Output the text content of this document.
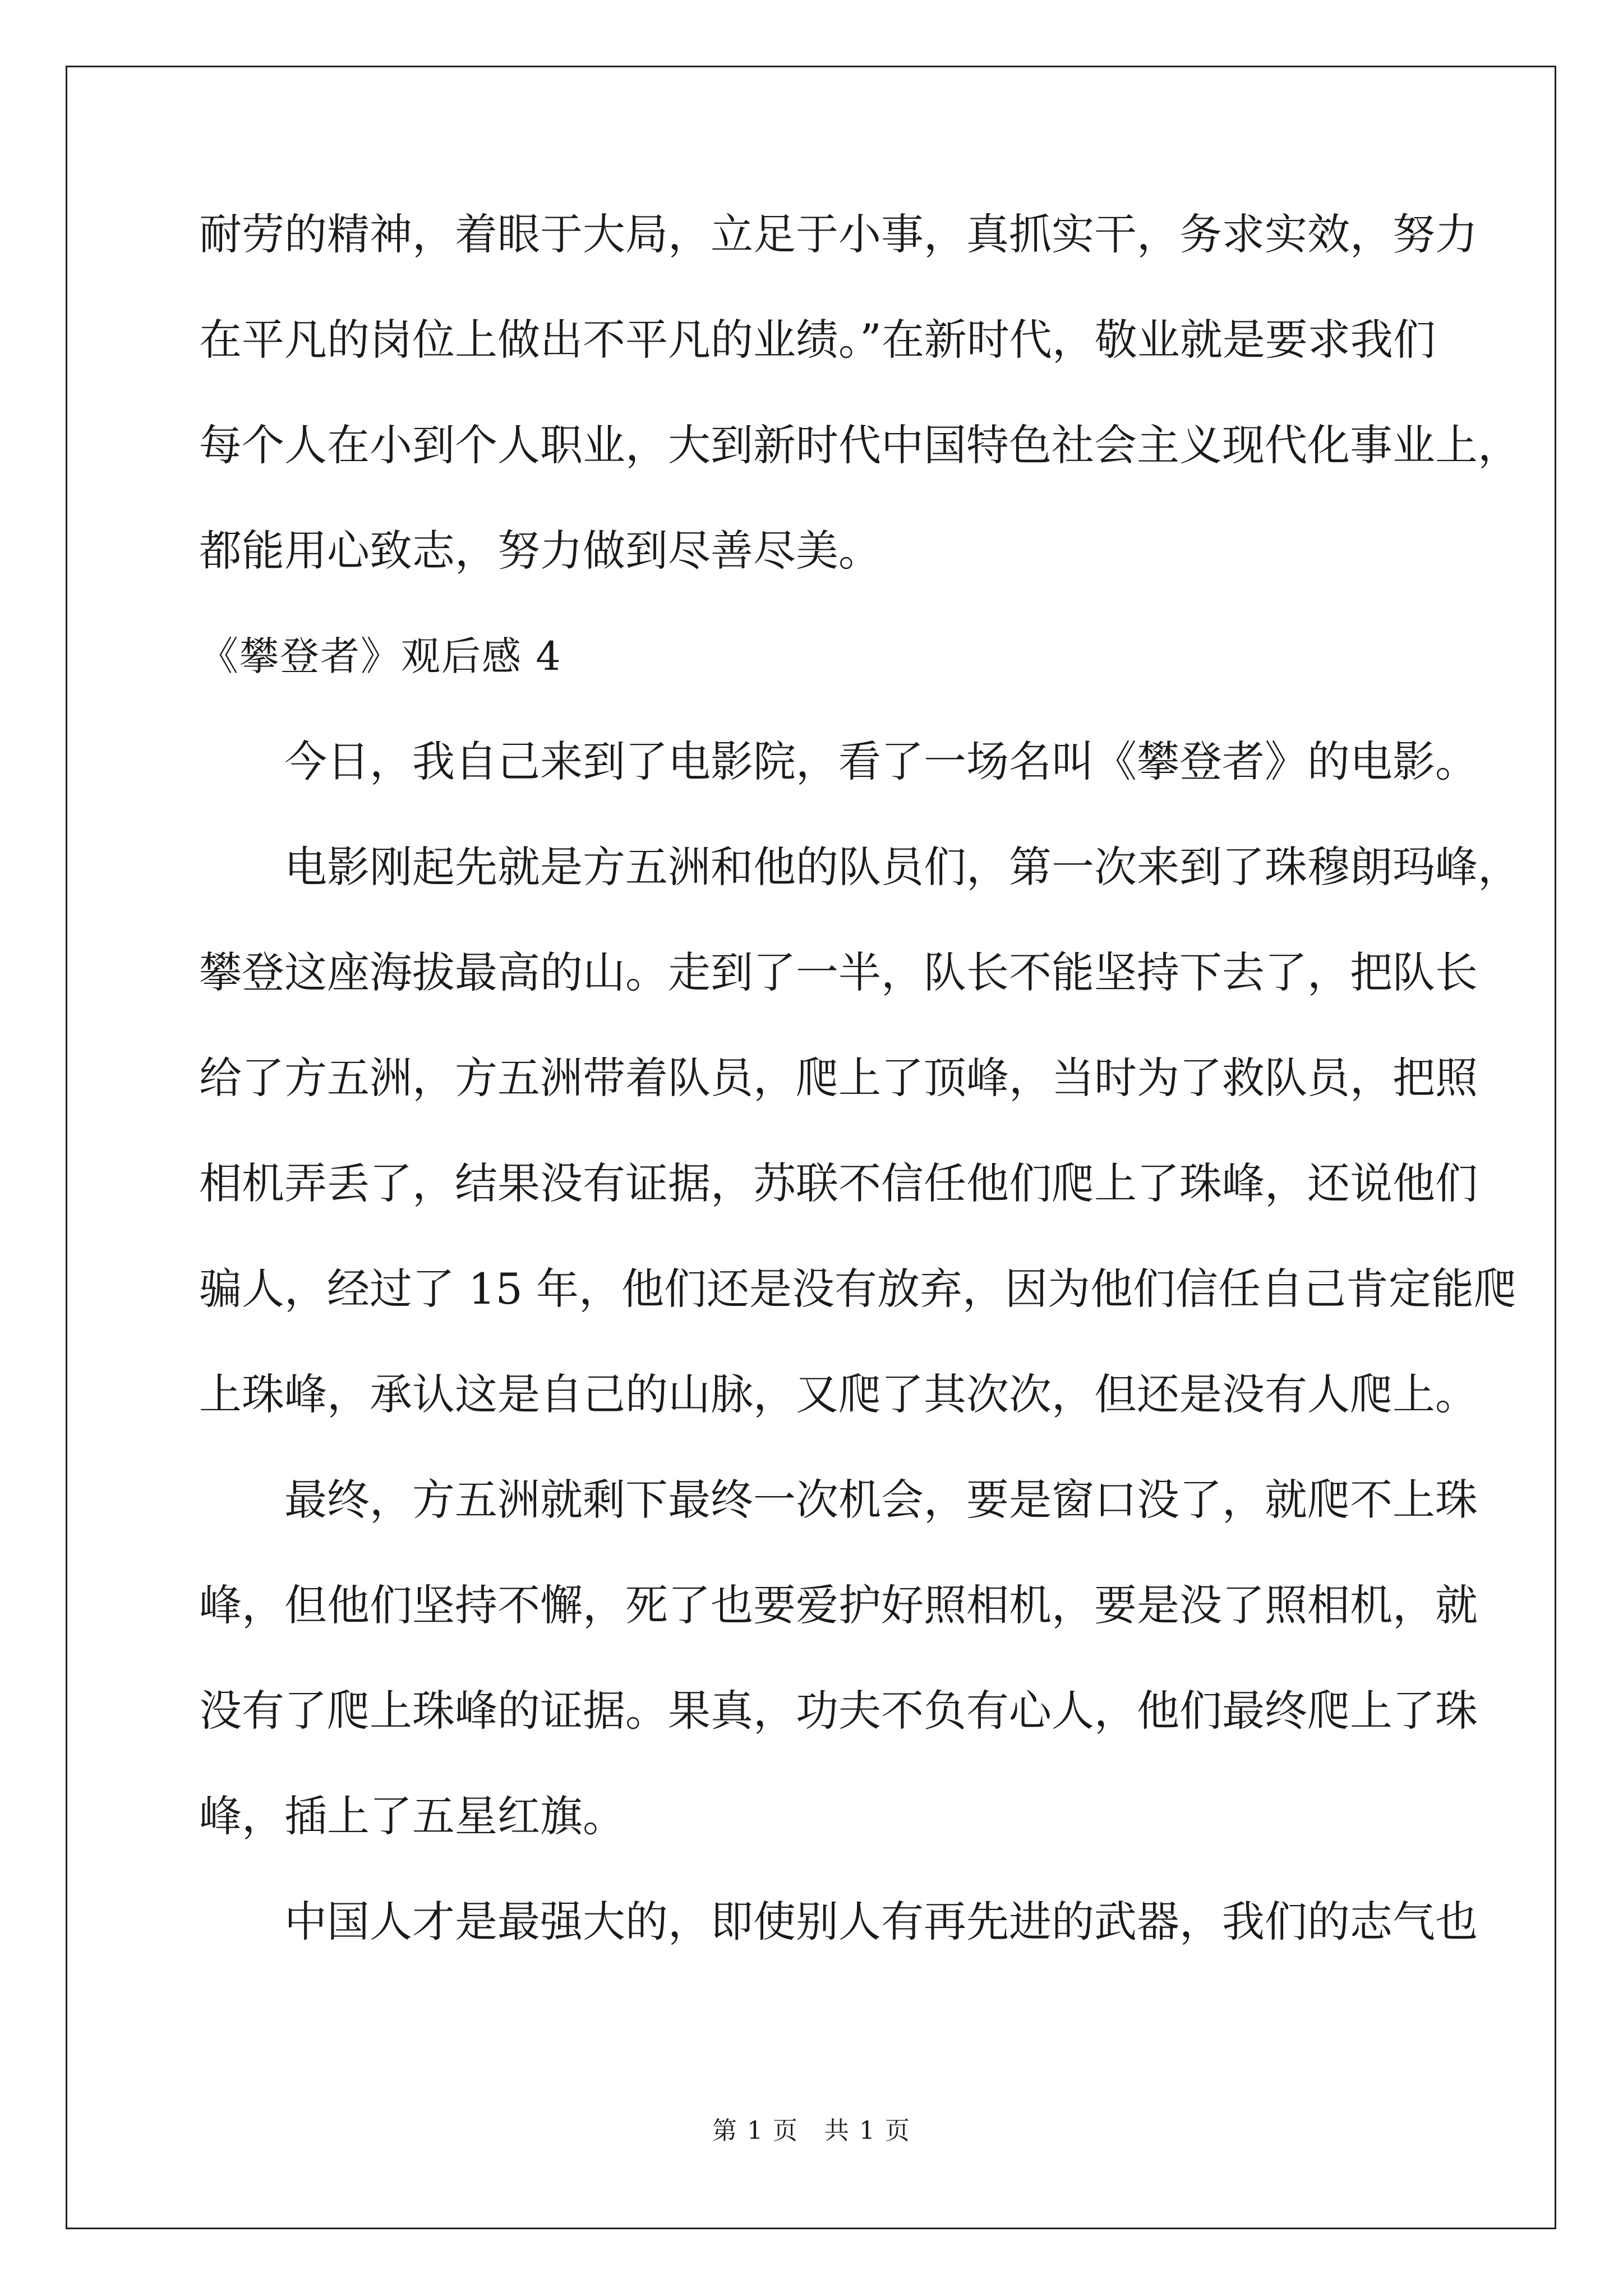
耐劳的精神，着眼于大局，立足于小事，真抓实干，务求实效，努力
在平凡的岗位上做出不平凡的业绩。”在新时代，敬业就是要求我们
每个人在小到个人职业，大到新时代中国特色社会主义现代化事业上，
都能用心致志，努力做到尽善尽美。
《攀登者》观后感 4
　　今日，我自己来到了电影院，看了一场名叫《攀登者》的电影。
　　电影刚起先就是方五洲和他的队员们，第一次来到了珠穆朗玛峰，
攀登这座海拔最高的山。走到了一半，队长不能坚持下去了，把队长
给了方五洲，方五洲带着队员，爬上了顶峰，当时为了救队员，把照
相机弄丢了，结果没有证据，苏联不信任他们爬上了珠峰，还说他们
骗人，经过了 15 年，他们还是没有放弃，因为他们信任自己肯定能爬
上珠峰，承认这是自己的山脉，又爬了其次次，但还是没有人爬上。
　　最终，方五洲就剩下最终一次机会，要是窗口没了，就爬不上珠
峰，但他们坚持不懈，死了也要爱护好照相机，要是没了照相机，就
没有了爬上珠峰的证据。果真，功夫不负有心人，他们最终爬上了珠
峰，插上了五星红旗。
　　中国人才是最强大的，即使别人有再先进的武器，我们的志气也
第 1 页　共 1 页
